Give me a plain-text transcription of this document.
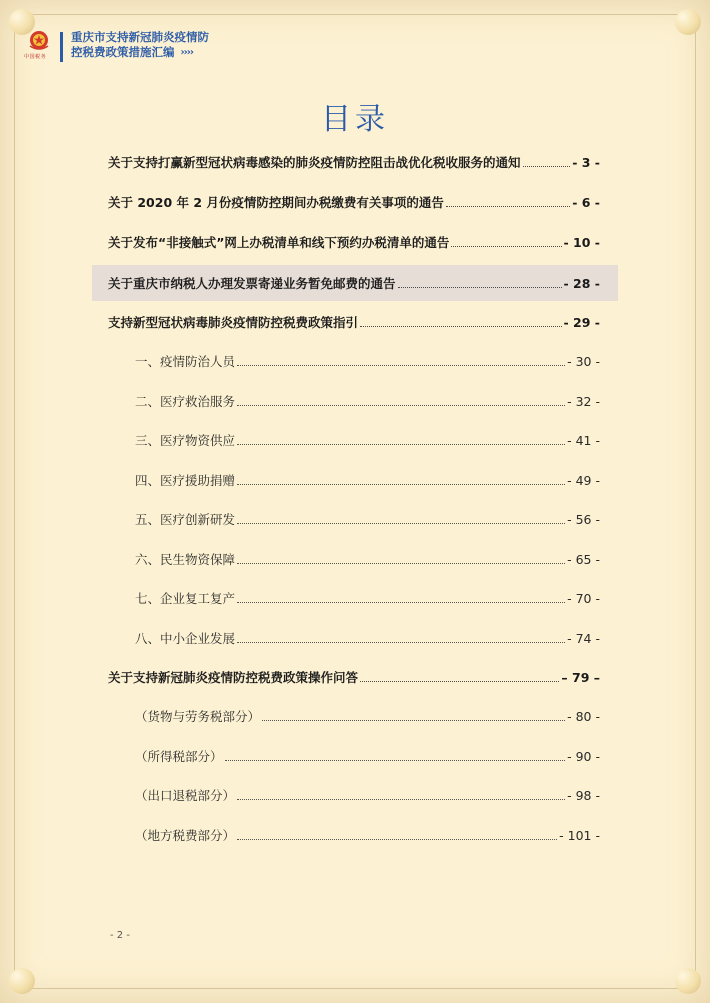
中国税务
重庆市支持新冠肺炎疫情防
控税费政策措施汇编 ››››
目录
关于支持打赢新型冠状病毒感染的肺炎疫情防控阻击战优化税收服务的通知	- 3 -
关于 2020 年 2 月份疫情防控期间办税缴费有关事项的通告	- 6 -
关于发布“非接触式”网上办税清单和线下预约办税清单的通告	- 10 -
关于重庆市纳税人办理发票寄递业务暂免邮费的通告	- 28 -
支持新型冠状病毒肺炎疫情防控税费政策指引	- 29 -
一、疫情防治人员	- 30 -
二、医疗救治服务	- 32 -
三、医疗物资供应	- 41 -
四、医疗援助捐赠	- 49 -
五、医疗创新研发	- 56 -
六、民生物资保障	- 65 -
七、企业复工复产	- 70 -
八、中小企业发展	- 74 -
关于支持新冠肺炎疫情防控税费政策操作问答	– 79 –
（货物与劳务税部分）	- 80 -
（所得税部分）	- 90 -
（出口退税部分）	- 98 -
（地方税费部分）	- 101 -
- 2 -
